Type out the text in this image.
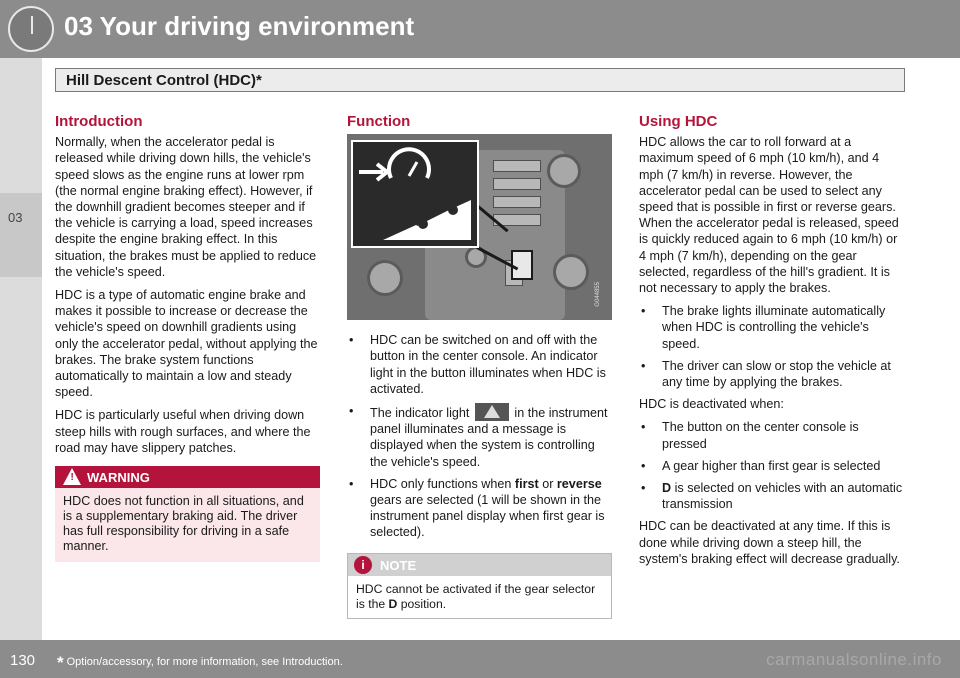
03 Your driving environment
03
Hill Descent Control (HDC)*
Introduction

Normally, when the accelerator pedal is released while driving down hills, the vehicle's speed slows as the engine runs at lower rpm (the normal engine braking effect). However, if the downhill gradient becomes steeper and if the vehicle is carrying a load, speed increases despite the engine braking effect. In this situation, the brakes must be applied to reduce the vehicle's speed.

HDC is a type of automatic engine brake and makes it possible to increase or decrease the vehicle's speed on downhill gradients using only the accelerator pedal, without applying the brakes. The brake system functions automatically to maintain a low and steady speed.

HDC is particularly useful when driving down steep hills with rough surfaces, and where the road may have slippery patches.

! WARNING
HDC does not function in all situations, and is a supplementary braking aid. The driver has full responsibility for driving in a safe manner.
Function
G044855
• HDC can be switched on and off with the button in the center console. An indicator light in the button illuminates when HDC is activated.
• The indicator light	in the instrument panel illuminates and a message is displayed when the system is controlling the vehicle's speed.
• HDC only functions when first or reverse gears are selected (1 will be shown in the instrument panel display when first gear is selected).
i	NOTE
HDC cannot be activated if the gear selector is the D position.
Using HDC

HDC allows the car to roll forward at a maximum speed of 6 mph (10 km/h), and 4 mph (7 km/h) in reverse. However, the accelerator pedal can be used to select any speed that is possible in first or reverse gears. When the accelerator pedal is released, speed is quickly reduced again to 6 mph (10 km/h) or 4 mph (7 km/h), depending on the gear selected, regardless of the hill's gradient. It is not necessary to apply the brakes.

• The brake lights illuminate automatically when HDC is controlling the vehicle's speed.
• The driver can slow or stop the vehicle at any time by applying the brakes.

HDC is deactivated when:

• The button on the center console is pressed
• A gear higher than first gear is selected
• D is selected on vehicles with an automatic transmission

HDC can be deactivated at any time. If this is done while driving down a steep hill, the system's braking effect will decrease gradually.

130 * Option/accessory, for more information, see Introduction.	carmanualsonline.info
